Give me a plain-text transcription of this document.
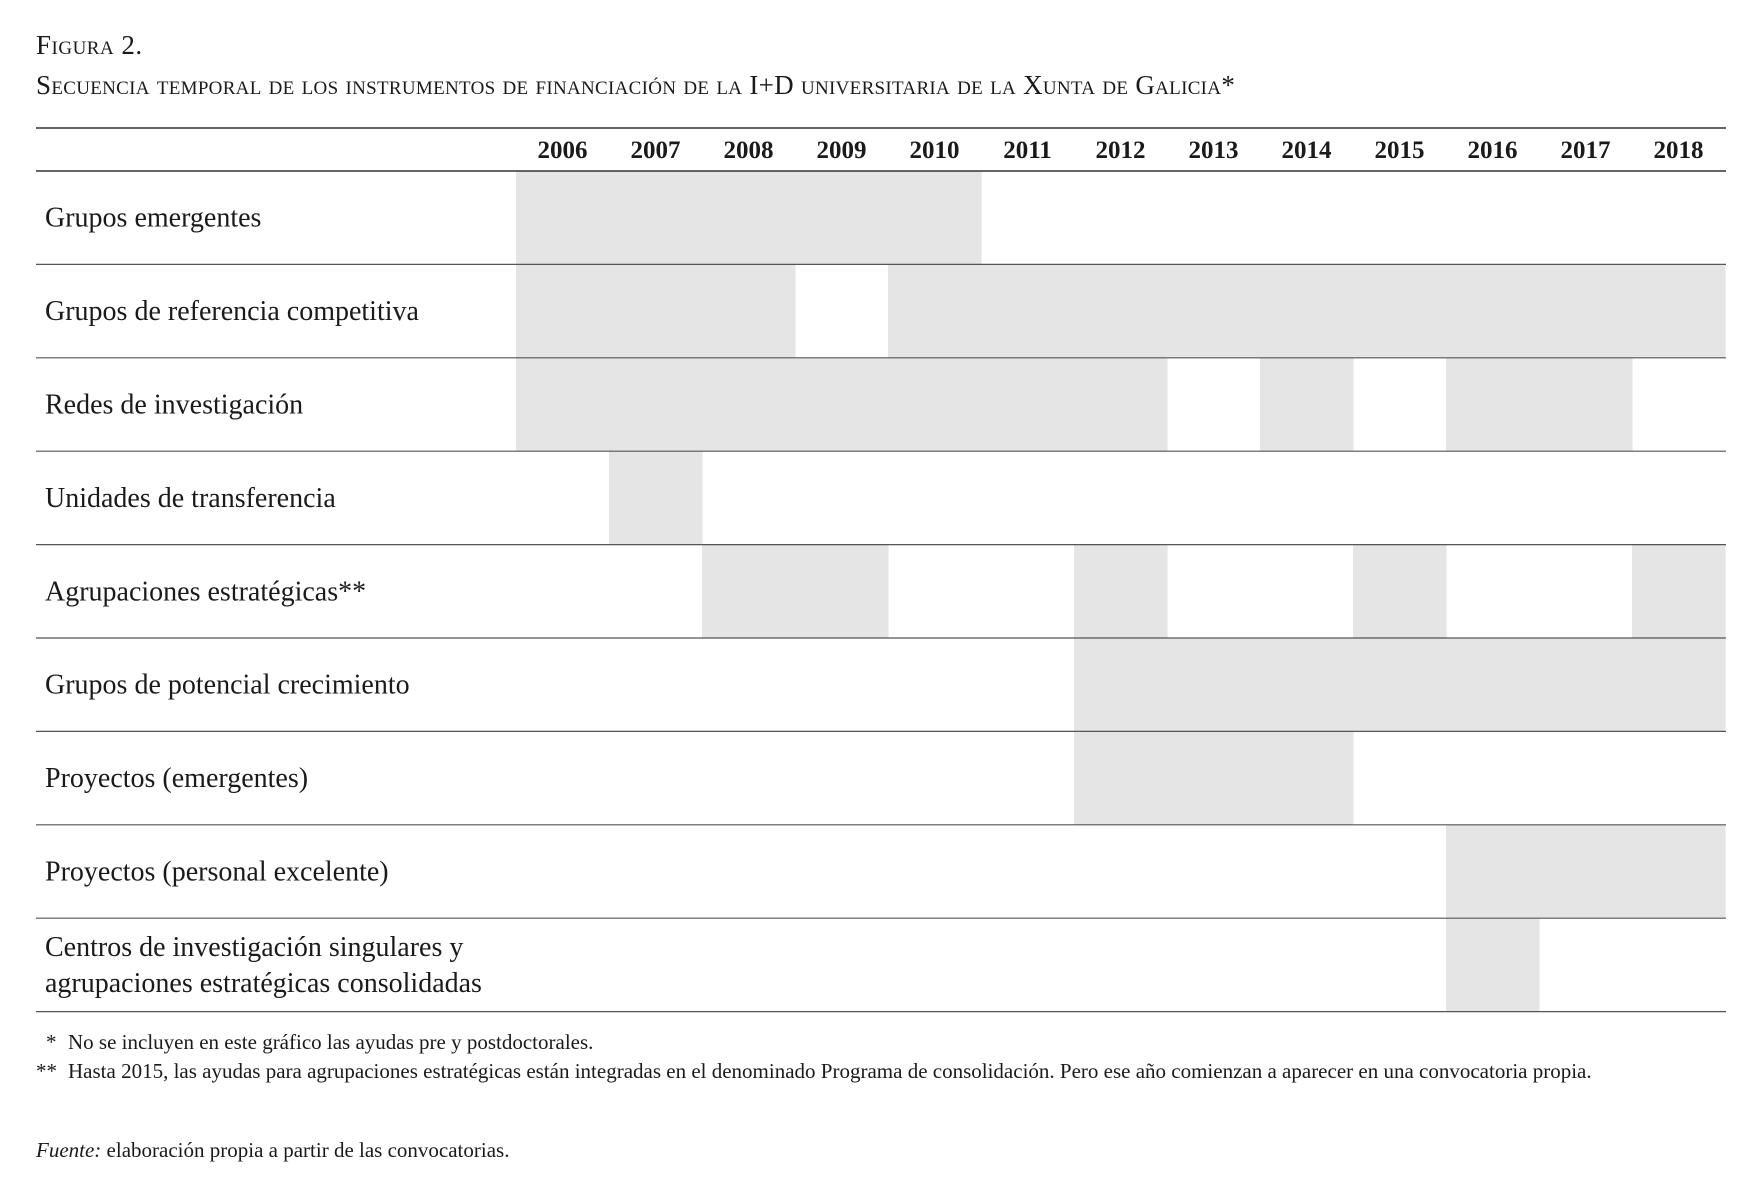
Figura 2.
Secuencia temporal de los instrumentos de financiación de la I+D universitaria de la Xunta de Galicia*
2006 2007 2008 2009 2010 2011 2012 2013 2014 2015 2016 2017 2018
Grupos emergentes
Grupos de referencia competitiva
Redes de investigación
Unidades de transferencia
Agrupaciones estratégicas**
Grupos de potencial crecimiento
Proyectos (emergentes)
Proyectos (personal excelente)
Centros de investigación singulares y
agrupaciones estratégicas consolidadas
* No se incluyen en este gráfico las ayudas pre y postdoctorales.
** Hasta 2015, las ayudas para agrupaciones estratégicas están integradas en el denominado Programa de consolidación. Pero ese año comienzan a aparecer en una convocatoria propia.
Fuente: elaboración propia a partir de las convocatorias.
